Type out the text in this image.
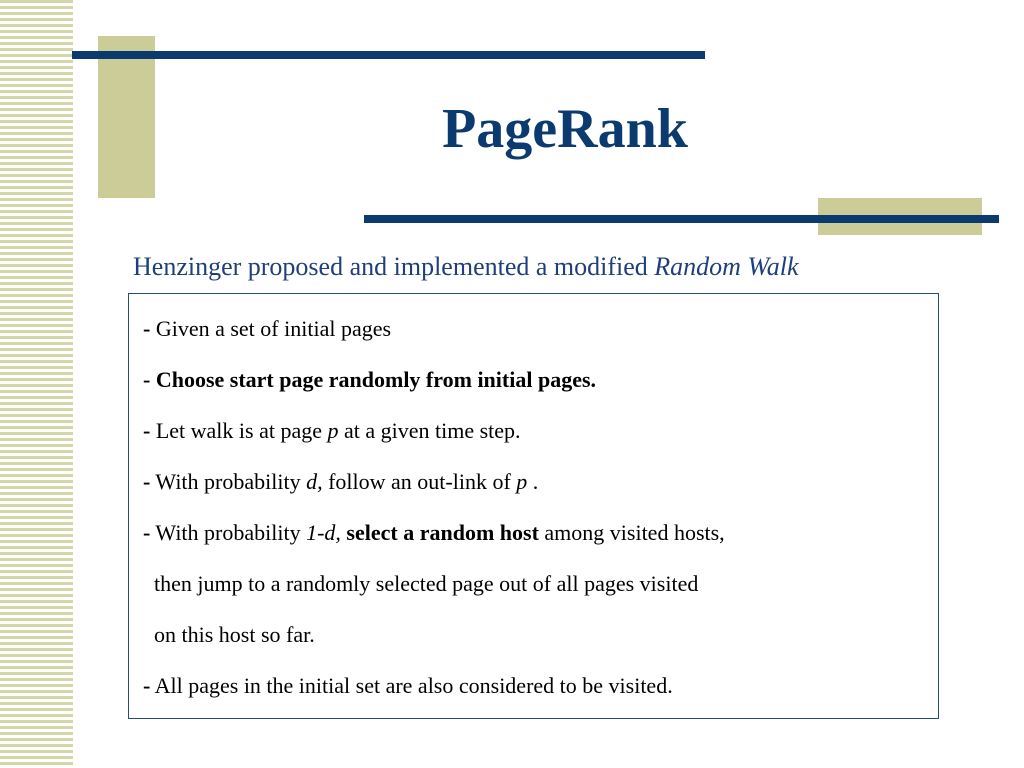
PageRank

Henzinger proposed and implemented a modified Random Walk

- Given a set of initial pages

- Choose start page randomly from initial pages.

- Let walk is at page p at a given time step.

- With probability d, follow an out-link of p .

- With probability 1-d, select a random host among visited hosts,

then jump to a randomly selected page out of all pages visited

on this host so far.

- All pages in the initial set are also considered to be visited.
